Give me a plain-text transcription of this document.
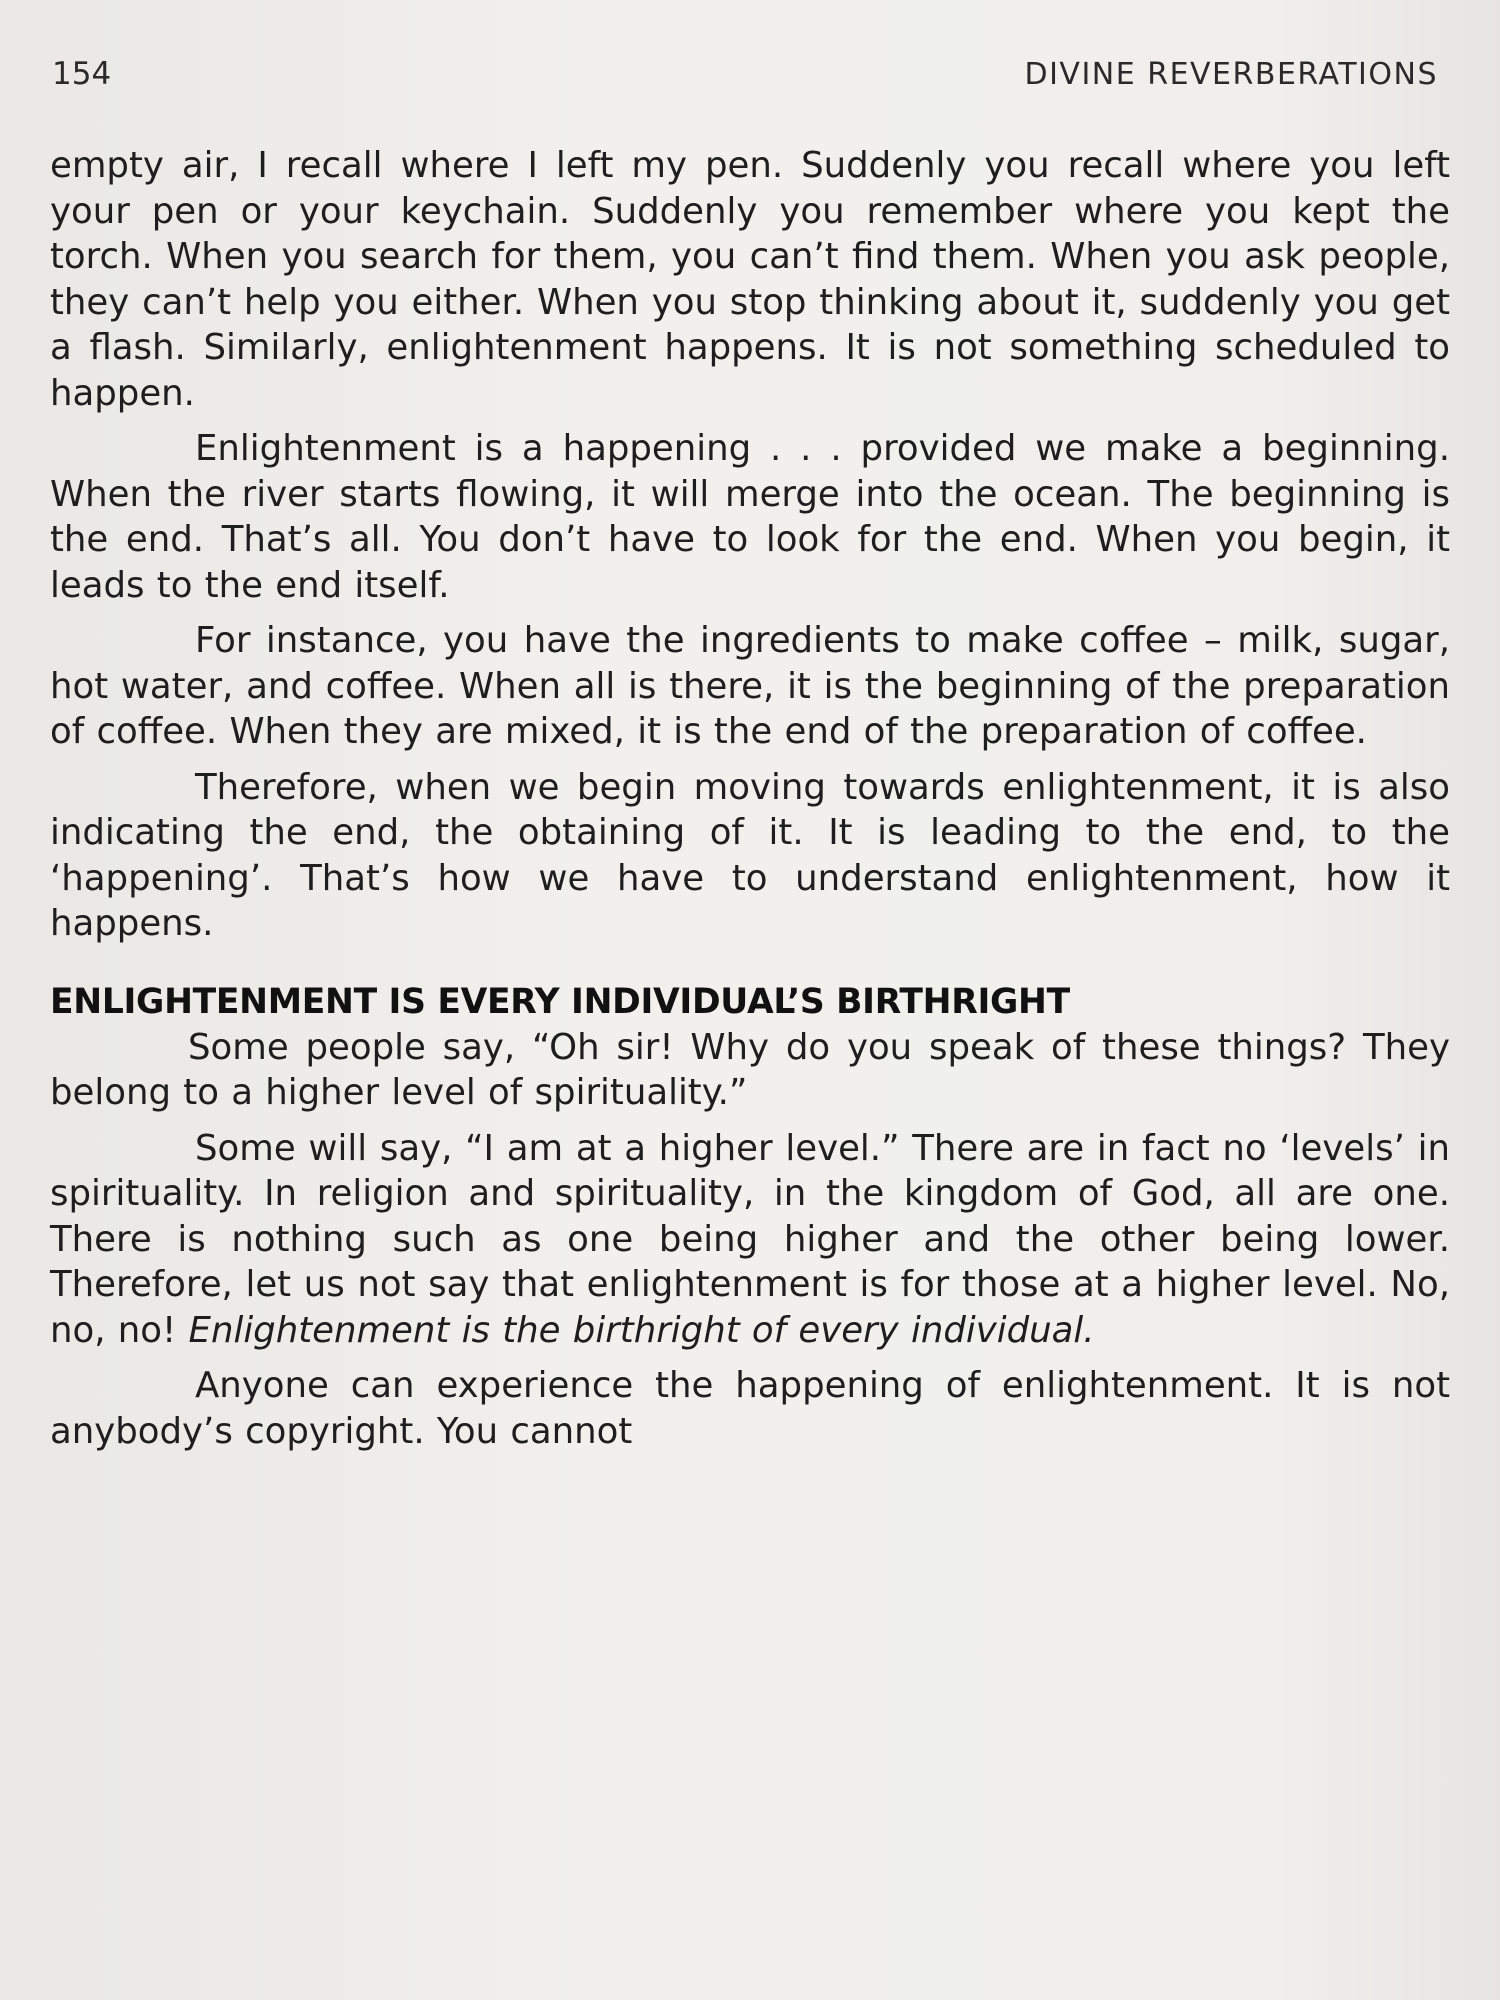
154	DIVINE REVERBERATIONS

empty air, I recall where I left my pen. Suddenly you recall where you left your pen or your keychain. Suddenly you remember where you kept the torch. When you search for them, you can’t find them. When you ask people, they can’t help you either. When you stop thinking about it, suddenly you get a flash. Similarly, enlightenment happens. It is not something scheduled to happen.

Enlightenment is a happening . . . provided we make a beginning. When the river starts flowing, it will merge into the ocean. The beginning is the end. That’s all. You don’t have to look for the end. When you begin, it leads to the end itself.

For instance, you have the ingredients to make coffee – milk, sugar, hot water, and coffee. When all is there, it is the beginning of the preparation of coffee. When they are mixed, it is the end of the preparation of coffee.

Therefore, when we begin moving towards enlightenment, it is also indicating the end, the obtaining of it. It is leading to the end, to the ‘happening’. That’s how we have to understand enlightenment, how it happens.

ENLIGHTENMENT IS EVERY INDIVIDUAL’S BIRTHRIGHT

Some people say, “Oh sir! Why do you speak of these things? They belong to a higher level of spirituality.”

Some will say, “I am at a higher level.” There are in fact no ‘levels’ in spirituality. In religion and spirituality, in the kingdom of God, all are one. There is nothing such as one being higher and the other being lower. Therefore, let us not say that enlightenment is for those at a higher level. No, no, no! Enlightenment is the birthright of every individual.

Anyone can experience the happening of enlightenment. It is not anybody’s copyright. You cannot
